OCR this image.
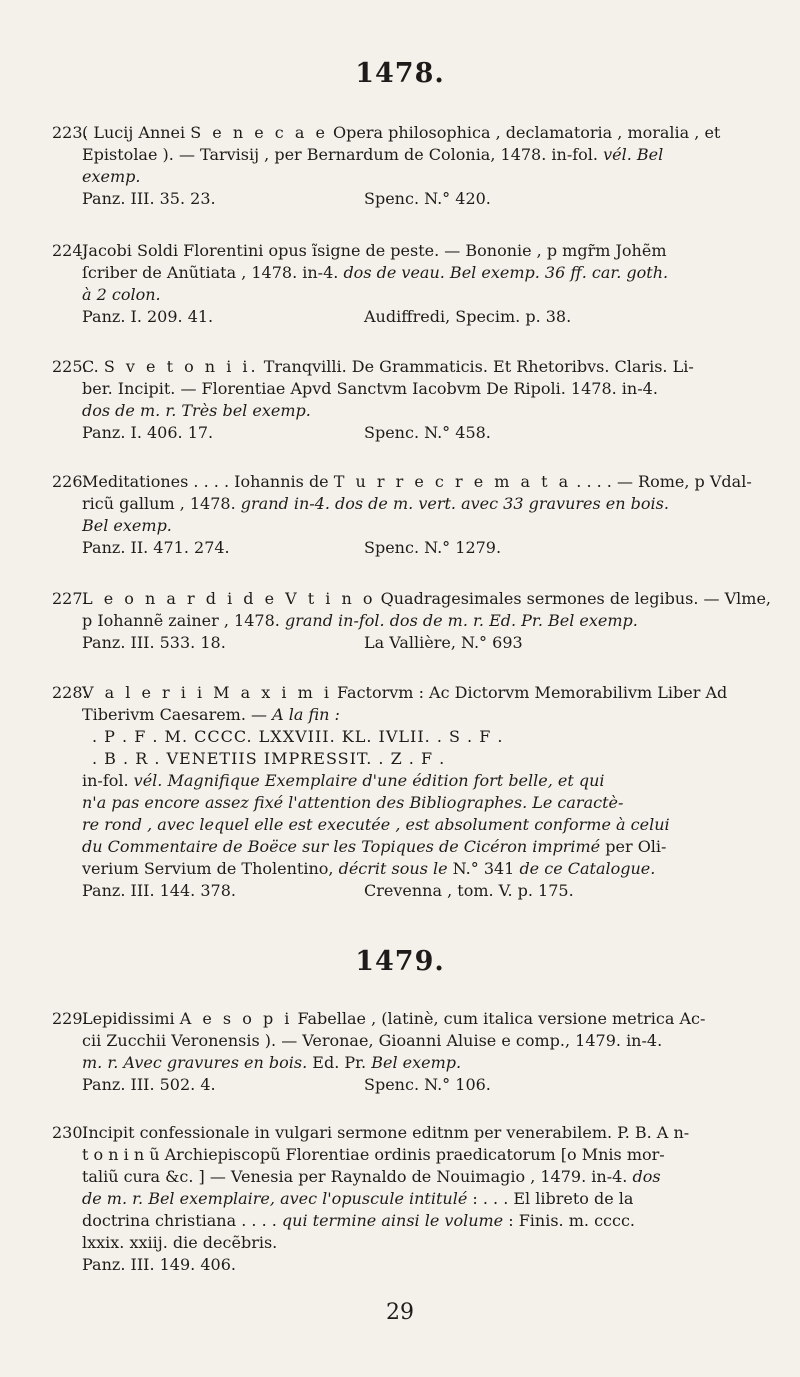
1478.
223.( Lucij Annei S e n e c a e Opera philosophica , declamatoria , moralia , et
Epistolae ). — Tarvisij , per Bernardum de Colonia, 1478. in-fol. vél. Bel
exemp.
Panz. III. 35. 23.	Spenc. N.° 420.
224.Jacobi Soldi Florentini opus ĩsigne de peste. — Bononie , p mgr̃m Johẽm
ſcriber de Anũtiata , 1478. in-4. dos de veau. Bel exemp. 36 ff. car. goth.
à 2 colon.
Panz. I. 209. 41.	Audiffredi, Specim. p. 38.
225.C. S v e t o n i i. Tranqvilli. De Grammaticis. Et Rhetoribvs. Claris. Li-
ber. Incipit. — Florentiae Apvd Sanctvm Iacobvm De Ripoli. 1478. in-4.
dos de m. r. Très bel exemp.
Panz. I. 406. 17.	Spenc. N.° 458.
226.Meditationes . . . . Iohannis de T u r r e c r e m a t a . . . . — Rome, p Vdal-
ricũ gallum , 1478. grand in-4. dos de m. vert. avec 33 gravures en bois.
Bel exemp.
Panz. II. 471. 274.	Spenc. N.° 1279.
227.L e o n a r d i d e V t i n o Quadragesimales sermones de legibus. — Vlme,
p Iohannẽ zainer , 1478. grand in-fol. dos de m. r. Ed. Pr. Bel exemp.
Panz. III. 533. 18.	La Vallière, N.° 693
228.V a l e r i i M a x i m i Factorvm : Ac Dictorvm Memorabilivm Liber Ad
Tiberivm Caesarem. — A la fin :
. P . F . M. CCCC. LXXVIII. KL. IVLII. . S . F .
. B . R . VENETIIS IMPRESSIT. . Z . F .
in-fol. vél. Magnifique Exemplaire d'une édition fort belle, et qui
n'a pas encore assez fixé l'attention des Bibliographes. Le caractè-
re rond , avec lequel elle est executée , est absolument conforme à celui
du Commentaire de Boëce sur les Topiques de Cicéron imprimé per Oli-
verium Servium de Tholentino, décrit sous le N.° 341 de ce Catalogue.
Panz. III. 144. 378.	Crevenna , tom. V. p. 175.
1479.
229.Lepidissimi A e s o p i Fabellae , (latinè, cum italica versione metrica Ac-
cii Zucchii Veronensis ). — Veronae, Gioanni Aluise e comp., 1479. in-4.
m. r. Avec gravures en bois. Ed. Pr. Bel exemp.
Panz. III. 502. 4.	Spenc. N.° 106.
230.Incipit confessionale in vulgari sermone editnm per venerabilem. P. B. A n-
t o n i n ũ Archiepiscopũ Florentiae ordinis praedicatorum [o Mnis mor-
taliũ cura &c. ] — Venesia per Raynaldo de Nouimagio , 1479. in-4. dos
de m. r. Bel exemplaire, avec l'opuscule intitulé : . . . El libreto de la
doctrina christiana . . . . qui termine ainsi le volume : Finis. m. cccc.
lxxix. xxiij. die decẽbris.
Panz. III. 149. 406.
29
